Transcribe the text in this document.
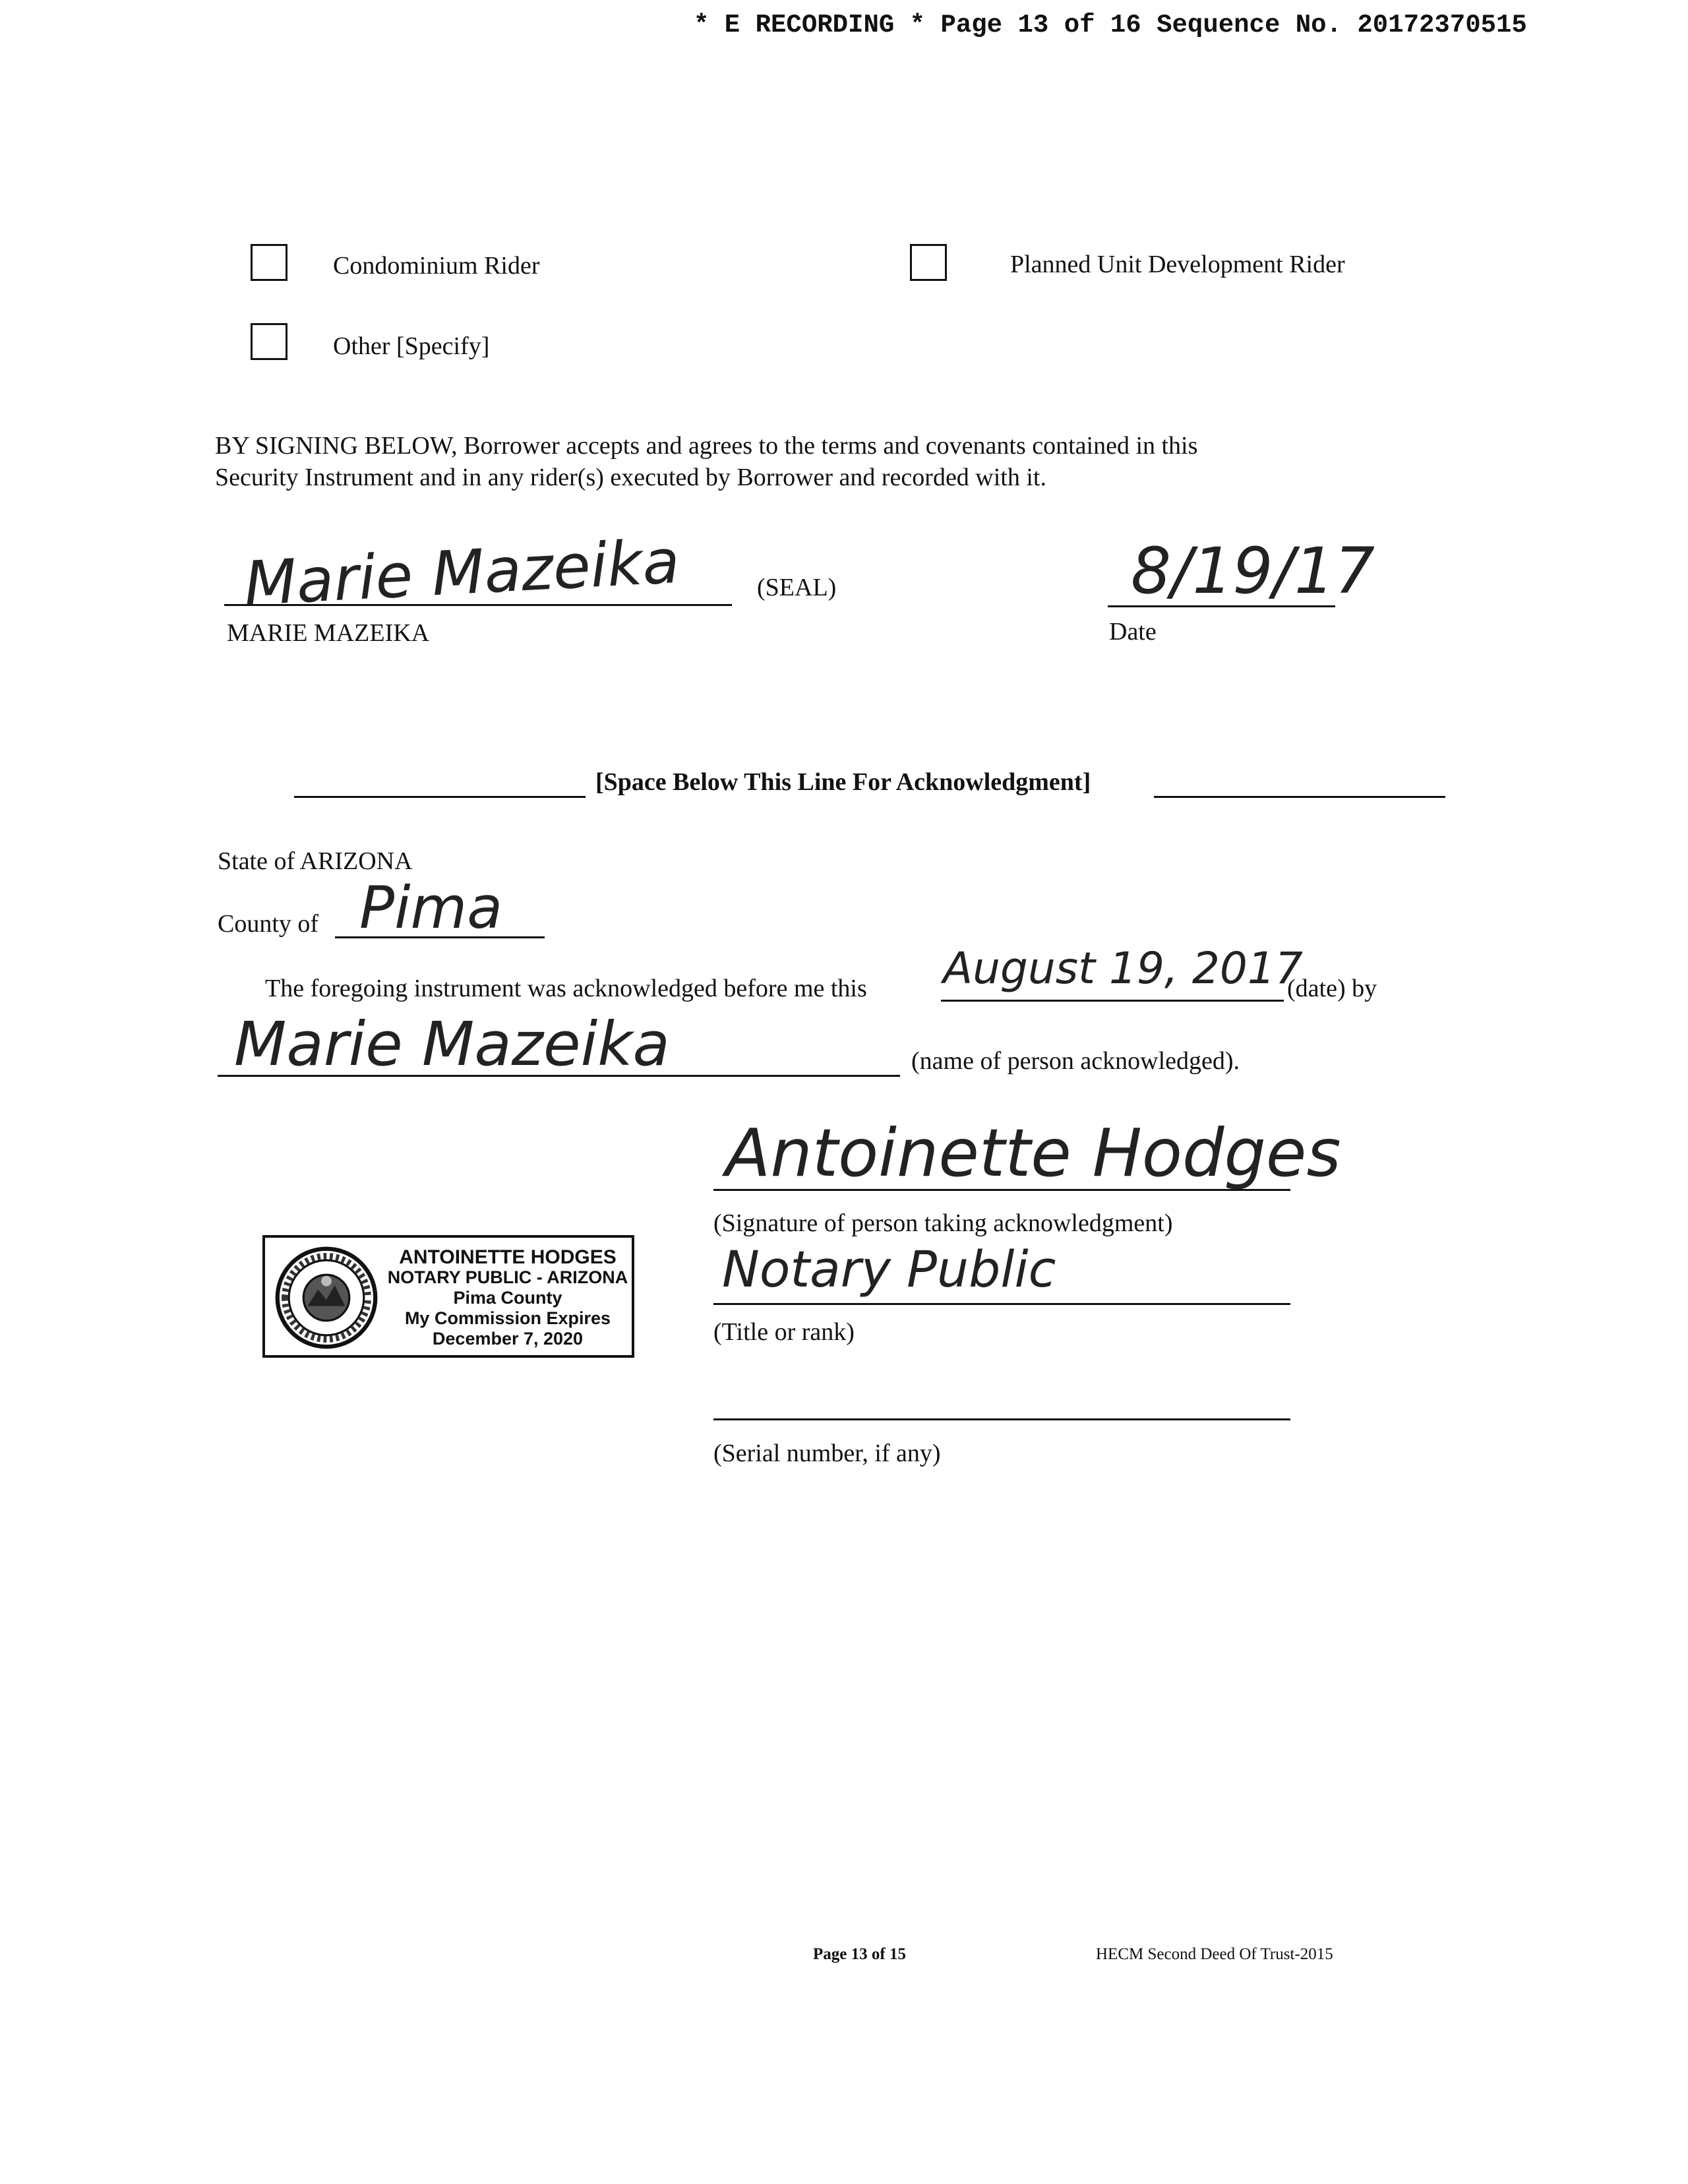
* E RECORDING * Page 13 of 16 Sequence No. 20172370515
Condominium Rider	Planned Unit Development Rider
Other [Specify]
BY SIGNING BELOW, Borrower accepts and agrees to the terms and covenants contained in this
Security Instrument and in any rider(s) executed by Borrower and recorded with it.
Marie Mazeika	(SEAL)
MARIE MAZEIKA
8/19/17
Date
[Space Below This Line For Acknowledgment]
State of ARIZONA
County of Pima
The foregoing instrument was acknowledged before me this August 19, 2017
(date) by
Marie Mazeika	(name of person acknowledged).
Antoinette Hodges
(Signature of person taking acknowledgment)
Notary Public
(Title or rank)
(Serial number, if any)
ANTOINETTE HODGES
NOTARY PUBLIC - ARIZONA
Pima County
My Commission Expires
December 7, 2020
Page 13 of 15	HECM Second Deed Of Trust-2015
